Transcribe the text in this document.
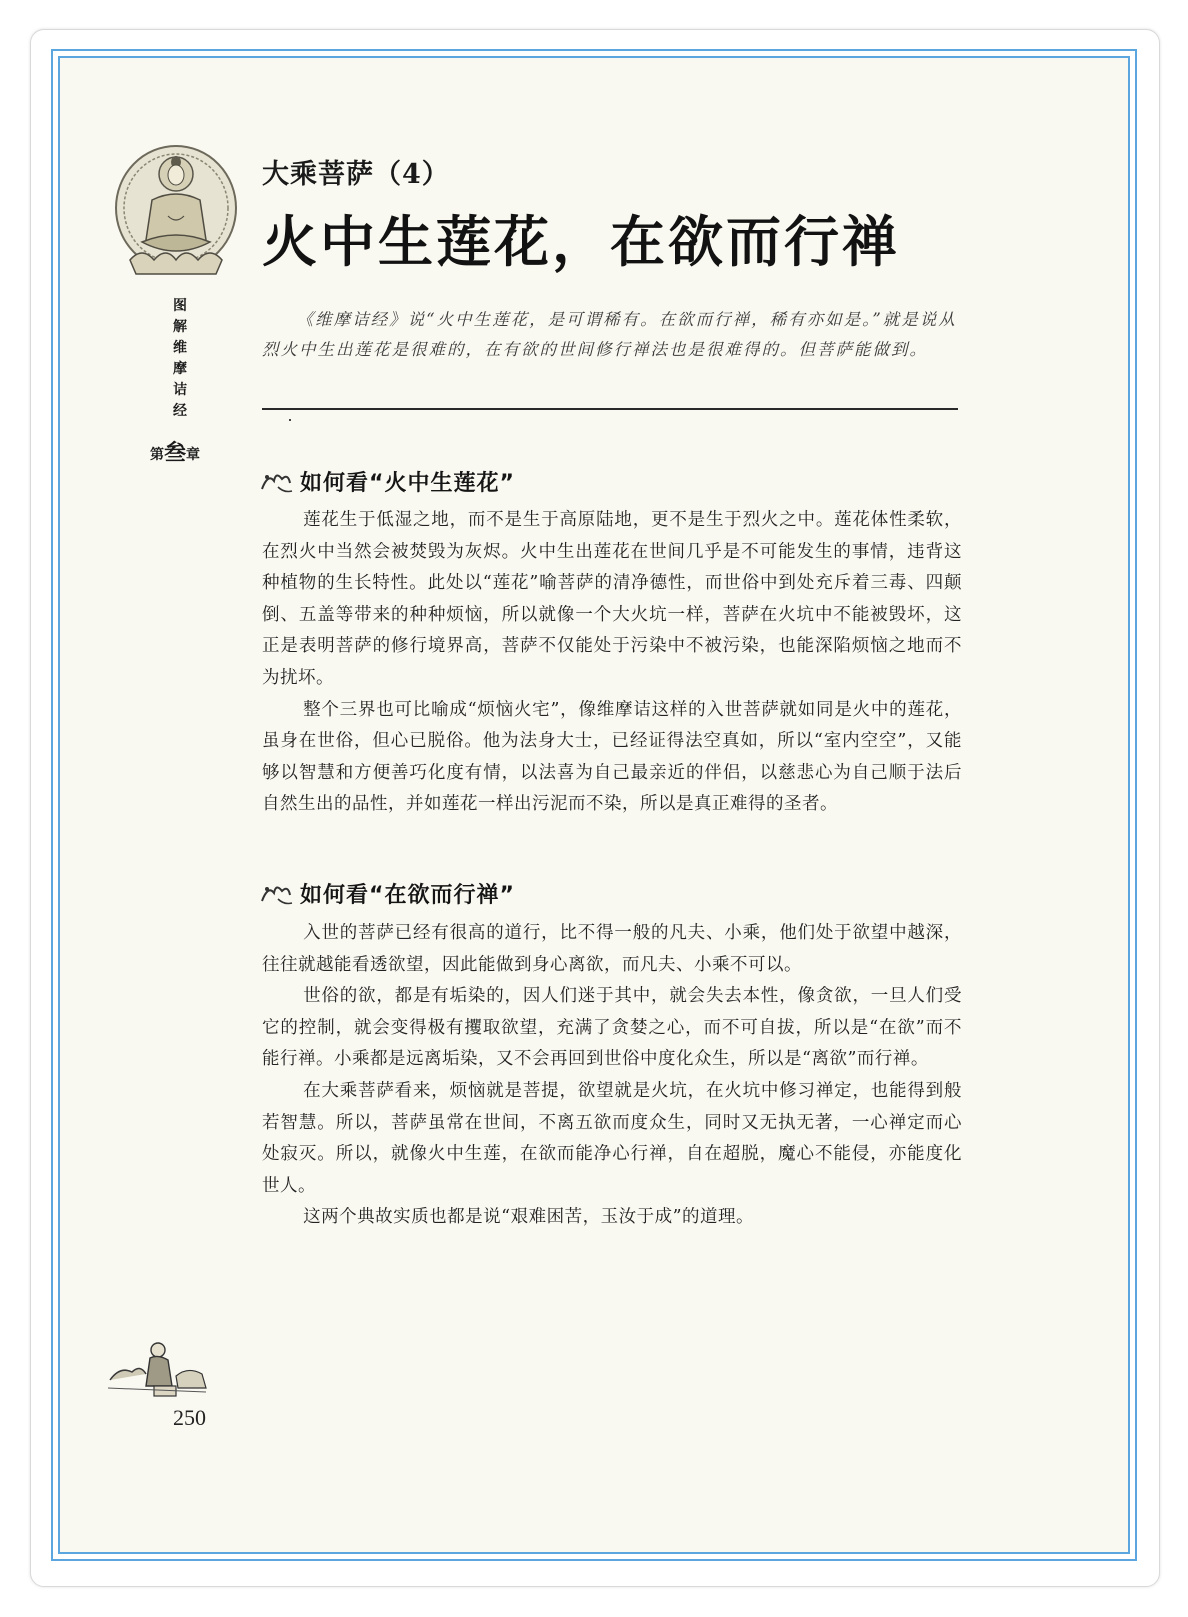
图解维摩诘经
第叁章
大乘菩萨（4）
火中生莲花，在欲而行禅

《维摩诘经》说“火中生莲花，是可谓稀有。在欲而行禅，稀有亦如是。”就是说从烈火中生出莲花是很难的，在有欲的世间修行禅法也是很难得的。但菩萨能做到。

如何看“火中生莲花”

莲花生于低湿之地，而不是生于高原陆地，更不是生于烈火之中。莲花体性柔软，在烈火中当然会被焚毁为灰烬。火中生出莲花在世间几乎是不可能发生的事情，违背这种植物的生长特性。此处以“莲花”喻菩萨的清净德性，而世俗中到处充斥着三毒、四颠倒、五盖等带来的种种烦恼，所以就像一个大火坑一样，菩萨在火坑中不能被毁坏，这正是表明菩萨的修行境界高，菩萨不仅能处于污染中不被污染，也能深陷烦恼之地而不为扰坏。

整个三界也可比喻成“烦恼火宅”，像维摩诘这样的入世菩萨就如同是火中的莲花，虽身在世俗，但心已脱俗。他为法身大士，已经证得法空真如，所以“室内空空”，又能够以智慧和方便善巧化度有情，以法喜为自己最亲近的伴侣，以慈悲心为自己顺于法后自然生出的品性，并如莲花一样出污泥而不染，所以是真正难得的圣者。

如何看“在欲而行禅”

入世的菩萨已经有很高的道行，比不得一般的凡夫、小乘，他们处于欲望中越深，往往就越能看透欲望，因此能做到身心离欲，而凡夫、小乘不可以。

世俗的欲，都是有垢染的，因人们迷于其中，就会失去本性，像贪欲，一旦人们受它的控制，就会变得极有攫取欲望，充满了贪婪之心，而不可自拔，所以是“在欲”而不能行禅。小乘都是远离垢染，又不会再回到世俗中度化众生，所以是“离欲”而行禅。

在大乘菩萨看来，烦恼就是菩提，欲望就是火坑，在火坑中修习禅定，也能得到般若智慧。所以，菩萨虽常在世间，不离五欲而度众生，同时又无执无著，一心禅定而心处寂灭。所以，就像火中生莲，在欲而能净心行禅，自在超脱，魔心不能侵，亦能度化世人。

这两个典故实质也都是说“艰难困苦，玉汝于成”的道理。

250
